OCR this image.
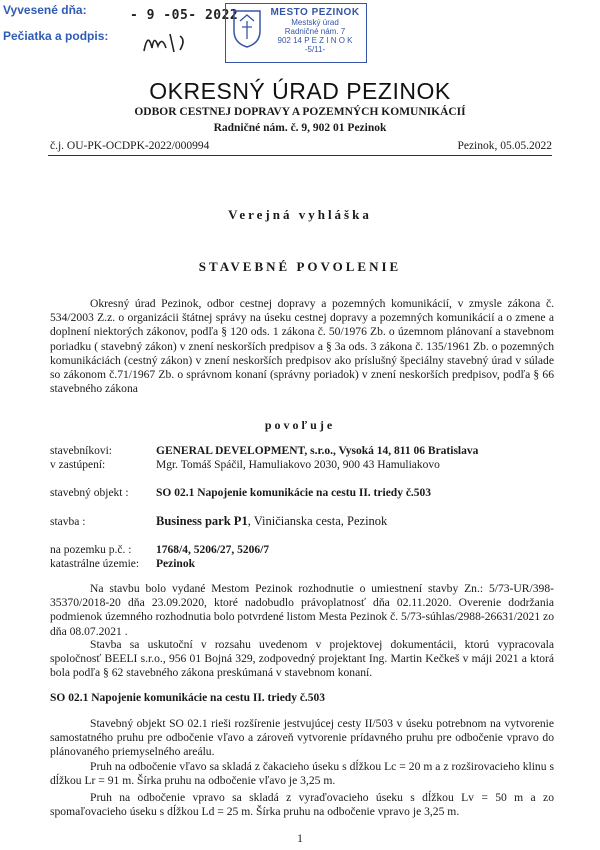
Vyvesené dňa:
Pečiatka a podpis:
- 9 -05- 2022	MESTO PEZINOK
Mestský úrad
Radničné nám. 7
902 14 P E Z I N O K
-5/11-
OKRESNÝ ÚRAD PEZINOK
ODBOR CESTNEJ DOPRAVY A POZEMNÝCH KOMUNIKÁCIÍ
Radničné nám. č. 9, 902 01 Pezinok
č.j. OU-PK-OCDPK-2022/000994	Pezinok, 05.05.2022
Verejná vyhláška
STAVEBNÉ POVOLENIE

Okresný úrad Pezinok, odbor cestnej dopravy a pozemných komunikácií, v zmysle zákona č. 534/2003 Z.z. o organizácii štátnej správy na úseku cestnej dopravy a pozemných komunikácií a o zmene a doplnení niektorých zákonov, podľa § 120 ods. 1 zákona č. 50/1976 Zb. o územnom plánovaní a stavebnom poriadku ( stavebný zákon) v znení neskorších predpisov a § 3a ods. 3 zákona č. 135/1961 Zb. o pozemných komunikáciách (cestný zákon) v znení neskorších predpisov ako príslušný špeciálny stavebný úrad v súlade so zákonom č.71/1967 Zb. o správnom konaní (správny poriadok) v znení neskorších predpisov, podľa § 66 stavebného zákona

povoľuje
stavebníkovi:	GENERAL DEVELOPMENT, s.r.o., Vysoká 14, 811 06 Bratislava
v zastúpení:	Mgr. Tomáš Spáčil, Hamuliakovo 2030, 900 43 Hamuliakovo
stavebný objekt : SO 02.1 Napojenie komunikácie na cestu II. triedy č.503
stavba :	Business park P1, Viničianska cesta, Pezinok
na pozemku p.č. : 1768/4, 5206/27, 5206/7
katastrálne územie: Pezinok

Na stavbu bolo vydané Mestom Pezinok rozhodnutie o umiestnení stavby Zn.: 5/73-UR/398-35370/2018-20 dňa 23.09.2020, ktoré nadobudlo právoplatnosť dňa 02.11.2020. Overenie dodržania podmienok územného rozhodnutia bolo potvrdené listom Mesta Pezinok č. 5/73-súhlas/2988-26631/2021 zo dňa 08.07.2021 .

Stavba sa uskutoční v rozsahu uvedenom v projektovej dokumentácii, ktorú vypracovala spoločnosť BEELI s.r.o., 956 01 Bojná 329, zodpovedný projektant Ing. Martin Kečkeš v máji 2021 a ktorá bola podľa § 62 stavebného zákona preskúmaná v stavebnom konaní.

SO 02.1 Napojenie komunikácie na cestu II. triedy č.503

Stavebný objekt SO 02.1 rieši rozšírenie jestvujúcej cesty II/503 v úseku potrebnom na vytvorenie samostatného pruhu pre odbočenie vľavo a zároveň vytvorenie prídavného pruhu pre odbočenie vpravo do plánovaného priemyselného areálu.

Pruh na odbočenie vľavo sa skladá z čakacieho úseku s dĺžkou Lc = 20 m a z rozširovacieho klinu s dĺžkou Lr = 91 m. Šírka pruhu na odbočenie vľavo je 3,25 m.

Pruh na odbočenie vpravo sa skladá z vyraďovacieho úseku s dĺžkou Lv = 50 m a zo spomaľovacieho úseku s dĺžkou Ld = 25 m. Šírka pruhu na odbočenie vpravo je 3,25 m.

1
